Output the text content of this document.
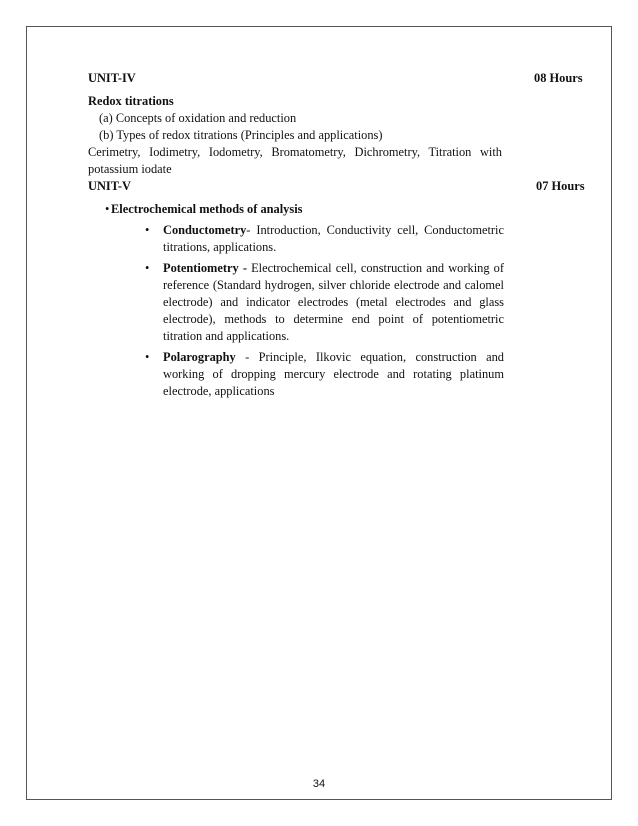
UNIT-IV	08 Hours
Redox titrations
(a) Concepts of oxidation and reduction
(b) Types of redox titrations (Principles and applications)
Cerimetry, Iodimetry, Iodometry, Bromatometry, Dichrometry, Titration with potassium iodate
UNIT-V	07 Hours
• Electrochemical methods of analysis
• Conductometry- Introduction, Conductivity cell, Conductometric titrations, applications.
• Potentiometry - Electrochemical cell, construction and working of reference (Standard hydrogen, silver chloride electrode and calomel electrode) and indicator electrodes (metal electrodes and glass electrode), methods to determine end point of potentiometric titration and applications.
• Polarography - Principle, Ilkovic equation, construction and working of dropping mercury electrode and rotating platinum electrode, applications
34
